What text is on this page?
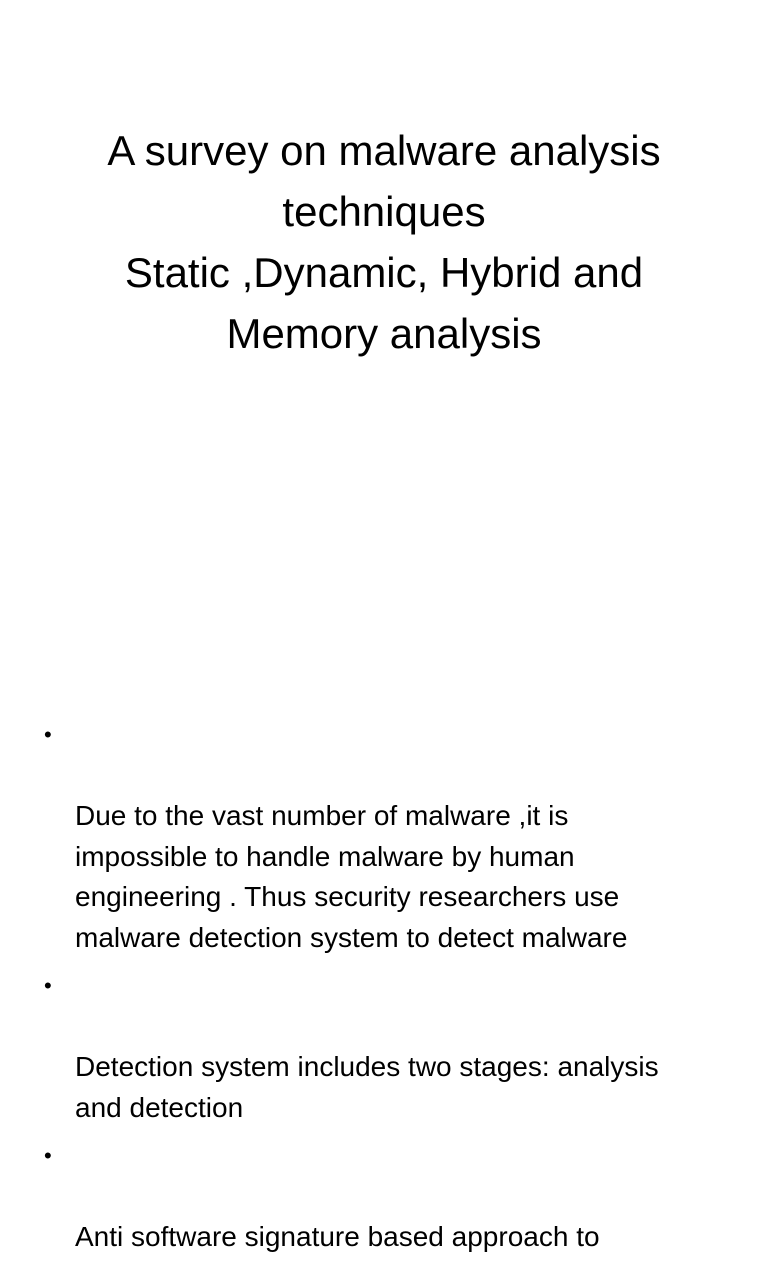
A survey on malware analysis
techniques
Static ,Dynamic, Hybrid and
Memory analysis

•

Due to the vast number of malware ,it is
impossible to handle malware by human
engineering . Thus security researchers use
malware detection system to detect malware

•

Detection system includes two stages: analysis
and detection

•

Anti software signature based approach to
